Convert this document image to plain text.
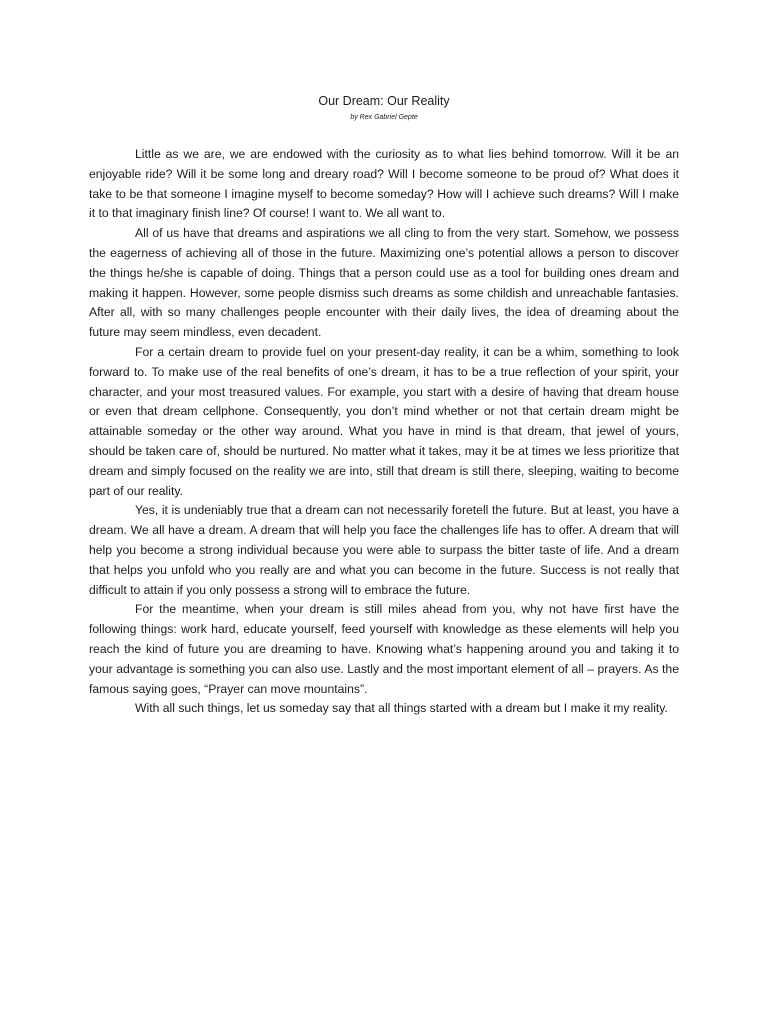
Our Dream: Our Reality
by Rex Gabriel Gepte

Little as we are, we are endowed with the curiosity as to what lies behind tomorrow. Will it be an enjoyable ride? Will it be some long and dreary road? Will I become someone to be proud of? What does it take to be that someone I imagine myself to become someday? How will I achieve such dreams? Will I make it to that imaginary finish line? Of course! I want to. We all want to.

All of us have that dreams and aspirations we all cling to from the very start. Somehow, we possess the eagerness of achieving all of those in the future. Maximizing one’s potential allows a person to discover the things he/she is capable of doing. Things that a person could use as a tool for building ones dream and making it happen. However, some people dismiss such dreams as some childish and unreachable fantasies. After all, with so many challenges people encounter with their daily lives, the idea of dreaming about the future may seem mindless, even decadent.

For a certain dream to provide fuel on your present-day reality, it can be a whim, something to look forward to. To make use of the real benefits of one’s dream, it has to be a true reflection of your spirit, your character, and your most treasured values. For example, you start with a desire of having that dream house or even that dream cellphone. Consequently, you don’t mind whether or not that certain dream might be attainable someday or the other way around. What you have in mind is that dream, that jewel of yours, should be taken care of, should be nurtured. No matter what it takes, may it be at times we less prioritize that dream and simply focused on the reality we are into, still that dream is still there, sleeping, waiting to become part of our reality.

Yes, it is undeniably true that a dream can not necessarily foretell the future. But at least, you have a dream. We all have a dream. A dream that will help you face the challenges life has to offer. A dream that will help you become a strong individual because you were able to surpass the bitter taste of life. And a dream that helps you unfold who you really are and what you can become in the future. Success is not really that difficult to attain if you only possess a strong will to embrace the future.

For the meantime, when your dream is still miles ahead from you, why not have first have the following things: work hard, educate yourself, feed yourself with knowledge as these elements will help you reach the kind of future you are dreaming to have. Knowing what’s happening around you and taking it to your advantage is something you can also use. Lastly and the most important element of all – prayers. As the famous saying goes, “Prayer can move mountains”.

With all such things, let us someday say that all things started with a dream but I make it my reality.
